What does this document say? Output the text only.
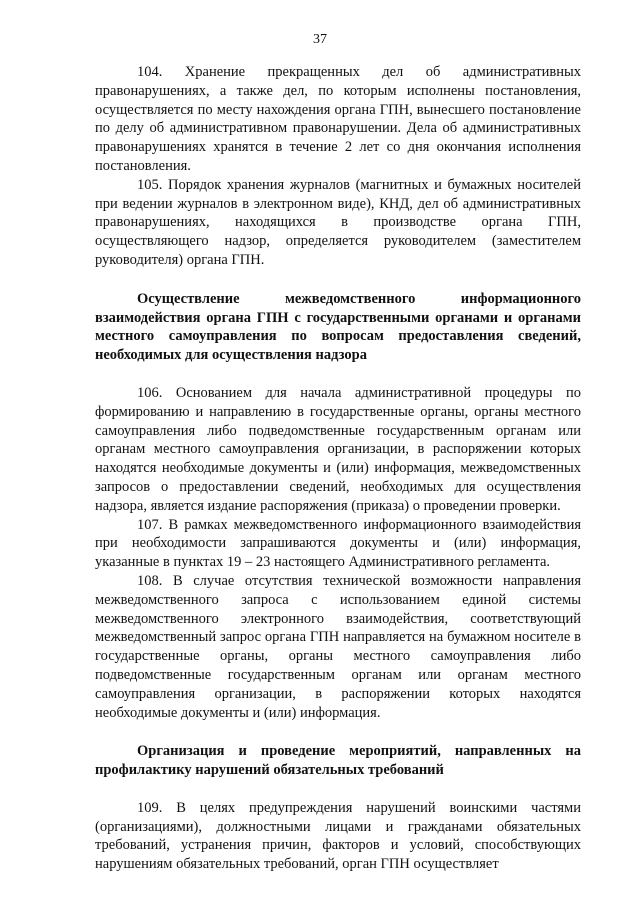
37

104. Хранение прекращенных дел об административных правонарушениях, а также дел, по которым исполнены постановления, осуществляется по месту нахождения органа ГПН, вынесшего постановление по делу об административном правонарушении. Дела об административных правонарушениях хранятся в течение 2 лет со дня окончания исполнения постановления.

105. Порядок хранения журналов (магнитных и бумажных носителей при ведении журналов в электронном виде), КНД, дел об административных правонарушениях, находящихся в производстве органа ГПН, осуществляющего надзор, определяется руководителем (заместителем руководителя) органа ГПН.

Осуществление межведомственного информационного взаимодействия органа ГПН с государственными органами и органами местного самоуправления по вопросам предоставления сведений, необходимых для осуществления надзора

106. Основанием для начала административной процедуры по формированию и направлению в государственные органы, органы местного самоуправления либо подведомственные государственным органам или органам местного самоуправления организации, в распоряжении которых находятся необходимые документы и (или) информация, межведомственных запросов о предоставлении сведений, необходимых для осуществления надзора, является издание распоряжения (приказа) о проведении проверки.

107. В рамках межведомственного информационного взаимодействия при необходимости запрашиваются документы и (или) информация, указанные в пунктах 19 – 23 настоящего Административного регламента.

108. В случае отсутствия технической возможности направления межведомственного запроса с использованием единой системы межведомственного электронного взаимодействия, соответствующий межведомственный запрос органа ГПН направляется на бумажном носителе в государственные органы, органы местного самоуправления либо подведомственные государственным органам или органам местного самоуправления организации, в распоряжении которых находятся необходимые документы и (или) информация.

Организация и проведение мероприятий, направленных на профилактику нарушений обязательных требований

109. В целях предупреждения нарушений воинскими частями (организациями), должностными лицами и гражданами обязательных требований, устранения причин, факторов и условий, способствующих нарушениям обязательных требований, орган ГПН осуществляет
